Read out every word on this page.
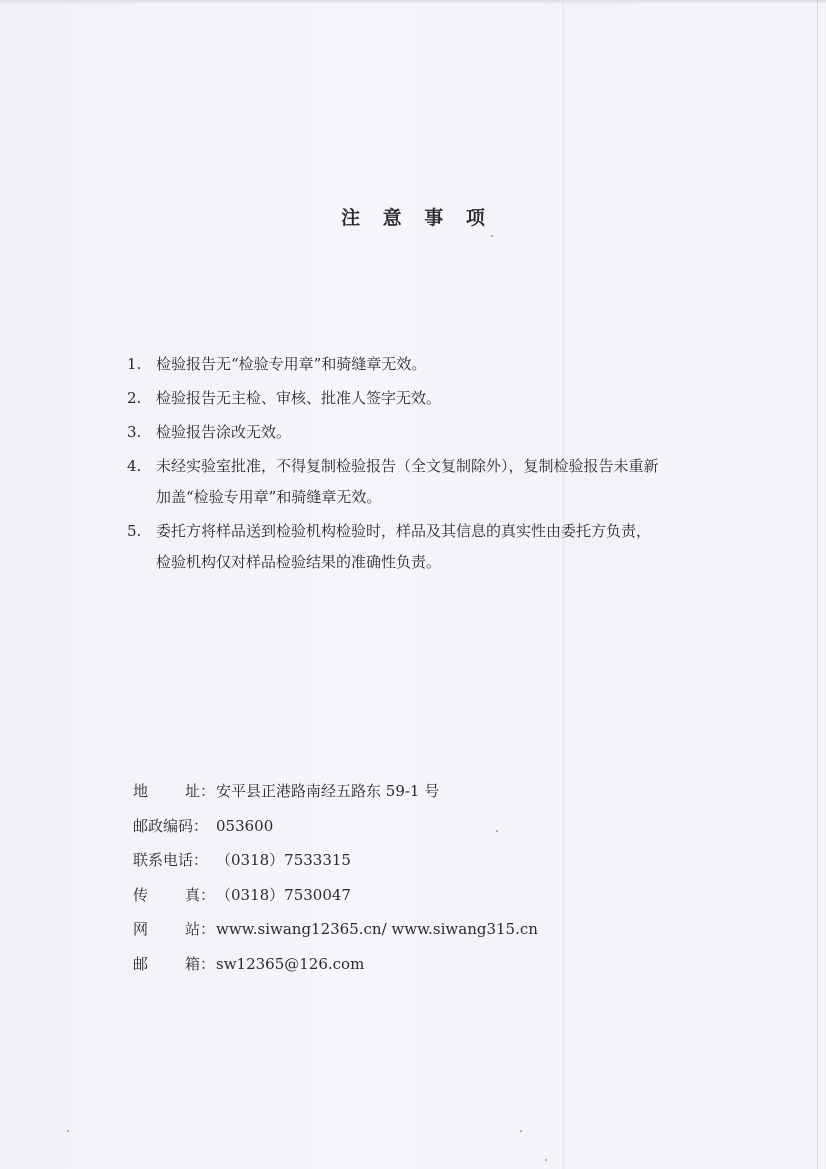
注 意 事 项
1. 检验报告无“检验专用章”和骑缝章无效。
2. 检验报告无主检、审核、批准人签字无效。
3. 检验报告涂改无效。
4. 未经实验室批准，不得复制检验报告（全文复制除外），复制检验报告未重新
加盖“检验专用章”和骑缝章无效。
5. 委托方将样品送到检验机构检验时，样品及其信息的真实性由委托方负责，
检验机构仅对样品检验结果的准确性负责。
地 址： 安平县正港路南经五路东 59-1 号
邮政编码： 053600
联系电话： （0318）7533315
传 真： （0318）7530047
网 站： www.siwang12365.cn/ www.siwang315.cn
邮 箱： sw12365@126.com
